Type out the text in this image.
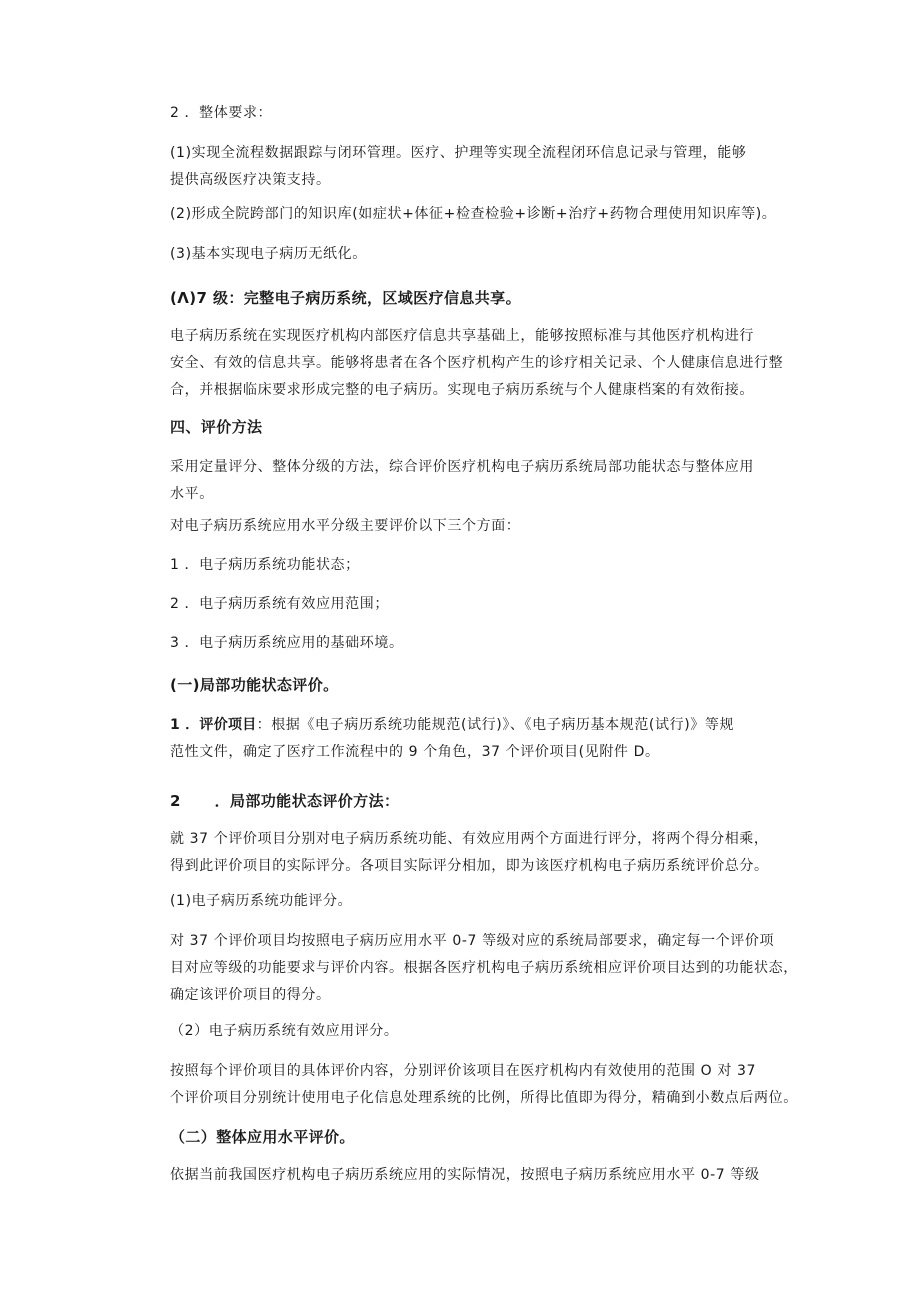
2 ．整体要求：

(1)实现全流程数据跟踪与闭环管理。医疗、护理等实现全流程闭环信息记录与管理，能够
提供高级医疗决策支持。

(2)形成全院跨部门的知识库(如症状+体征+检查检验+诊断+治疗+药物合理使用知识库等)。

(3)基本实现电子病历无纸化。

(Λ)7 级：完整电子病历系统，区域医疗信息共享。

电子病历系统在实现医疗机构内部医疗信息共享基础上，能够按照标准与其他医疗机构进行
安全、有效的信息共享。能够将患者在各个医疗机构产生的诊疗相关记录、个人健康信息进行整
合，并根据临床要求形成完整的电子病历。实现电子病历系统与个人健康档案的有效衔接。

四、评价方法

采用定量评分、整体分级的方法，综合评价医疗机构电子病历系统局部功能状态与整体应用
水平。

对电子病历系统应用水平分级主要评价以下三个方面：

1 ．电子病历系统功能状态；

2 ．电子病历系统有效应用范围；

3 ．电子病历系统应用的基础环境。

(一)局部功能状态评价。

1 ．评价项目：根据《电子病历系统功能规范(试行)》、《电子病历基本规范(试行)》等规
范性文件，确定了医疗工作流程中的 9 个角色，37 个评价项目(见附件 D。

2 ．局部功能状态评价方法：

就 37 个评价项目分别对电子病历系统功能、有效应用两个方面进行评分，将两个得分相乘，
得到此评价项目的实际评分。各项目实际评分相加，即为该医疗机构电子病历系统评价总分。

(1)电子病历系统功能评分。

对 37 个评价项目均按照电子病历应用水平 0-7 等级对应的系统局部要求，确定每一个评价项
目对应等级的功能要求与评价内容。根据各医疗机构电子病历系统相应评价项目达到的功能状态，
确定该评价项目的得分。

（2）电子病历系统有效应用评分。

按照每个评价项目的具体评价内容，分别评价该项目在医疗机构内有效使用的范围 O 对 37
个评价项目分别统计使用电子化信息处理系统的比例，所得比值即为得分，精确到小数点后两位。

（二）整体应用水平评价。

依据当前我国医疗机构电子病历系统应用的实际情况，按照电子病历系统应用水平 0-7 等级
